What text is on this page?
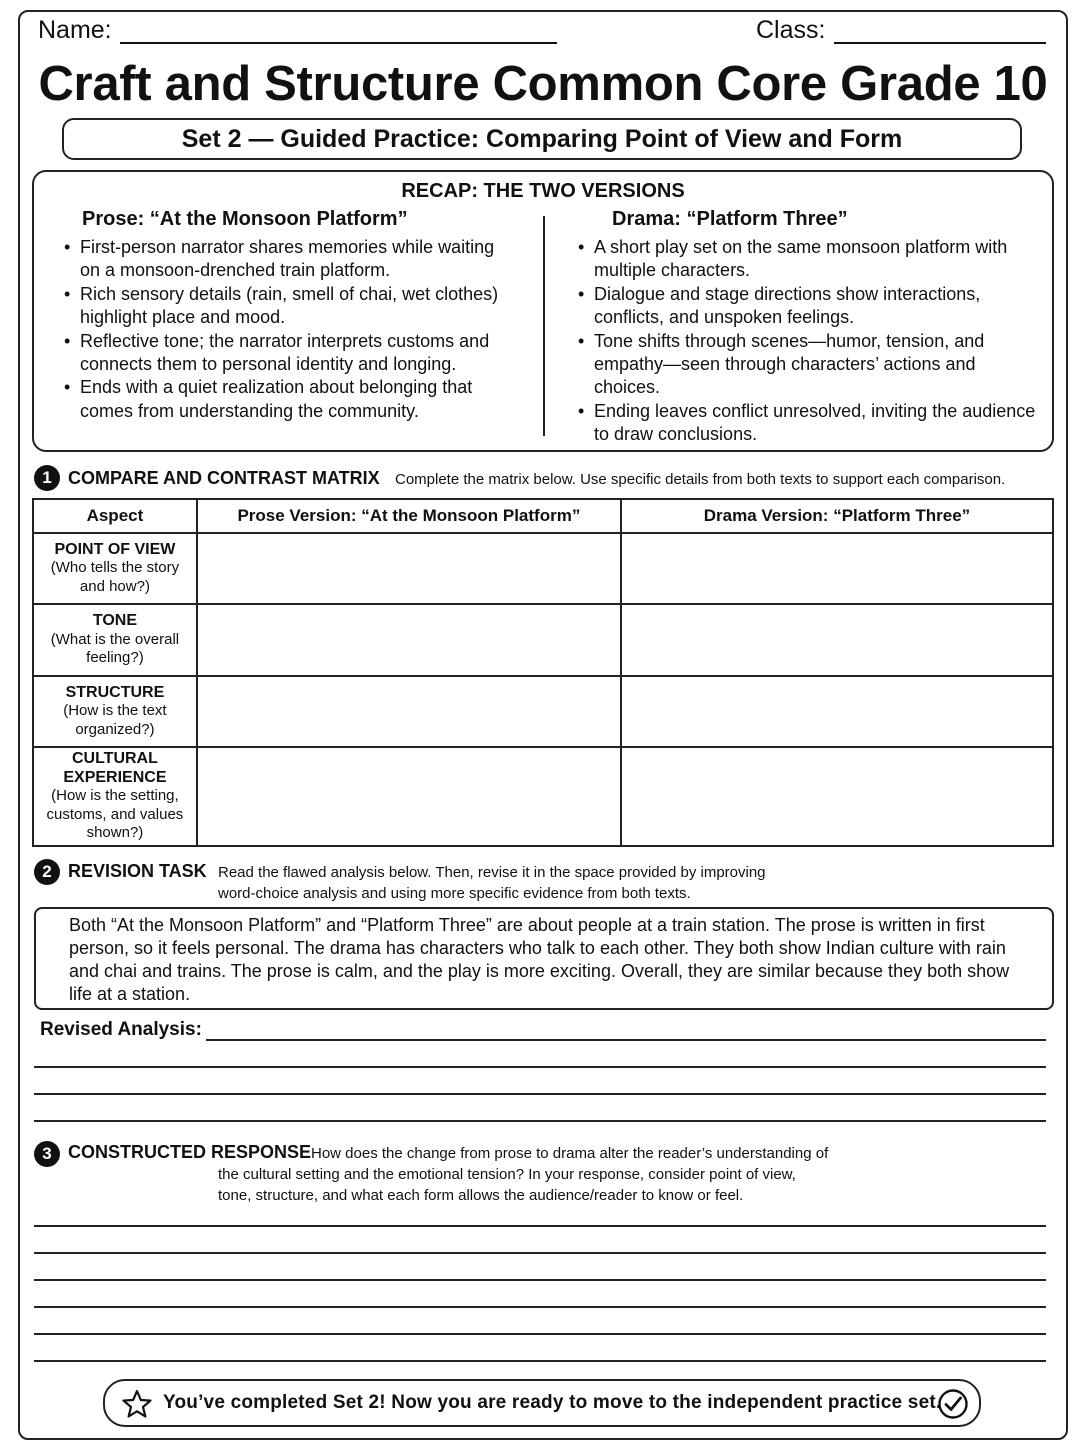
Name:	Class:
Craft and Structure Common Core Grade 10
Set 2 — Guided Practice: Comparing Point of View and Form
RECAP: THE TWO VERSIONS
Prose: “At the Monsoon Platform”
• First-person narrator shares memories while waiting on a monsoon-drenched train platform.
• Rich sensory details (rain, smell of chai, wet clothes) highlight place and mood.
• Reflective tone; the narrator interprets customs and connects them to personal identity and longing.
• Ends with a quiet realization about belonging that comes from understanding the community.
Drama: “Platform Three”
• A short play set on the same monsoon platform with multiple characters.
• Dialogue and stage directions show interactions, conflicts, and unspoken feelings.
• Tone shifts through scenes—humor, tension, and empathy—seen through characters’ actions and choices.
• Ending leaves conflict unresolved, inviting the audience to draw conclusions.
1 COMPARE AND CONTRAST MATRIX Complete the matrix below. Use specific details from both texts to support each comparison.
Aspect	Prose Version: “At the Monsoon Platform”	Drama Version: “Platform Three”

POINT OF VIEW
(Who tells the story and how?)		

TONE
(What is the overall feeling?)		

STRUCTURE
(How is the text organized?)		

CULTURAL EXPERIENCE
(How is the setting, customs, and values shown?)		
2 REVISION TASK Read the flawed analysis below. Then, revise it in the space provided by improving
word-choice analysis and using more specific evidence from both texts.
Both “At the Monsoon Platform” and “Platform Three” are about people at a train station. The prose is written in first person, so it feels personal. The drama has characters who talk to each other. They both show Indian culture with rain and chai and trains. The prose is calm, and the play is more exciting. Overall, they are similar because they both show life at a station.
Revised Analysis:
3 CONSTRUCTED RESPONSE How does the change from prose to drama alter the reader’s understanding of
the cultural setting and the emotional tension? In your response, consider point of view,
tone, structure, and what each form allows the audience/reader to know or feel.
You’ve completed Set 2! Now you are ready to move to the independent practice set.
